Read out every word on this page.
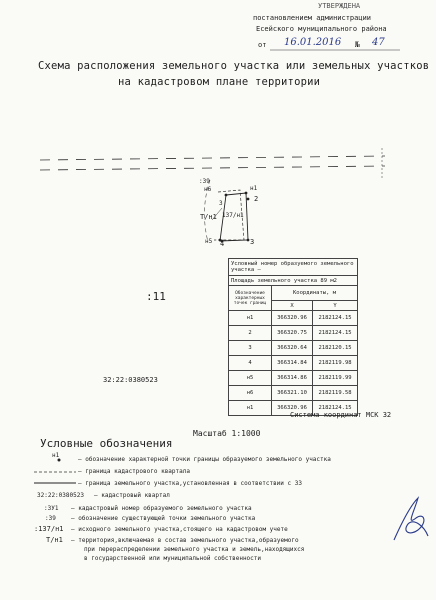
УТВЕРЖДЕНА
постановлением администрации
Есейского муниципального района
от 16.01.2016 № 47
Схема расположения земельного участка или земельных участков
на кадастровом плане территории
:39
н6	н1
2
3
137/н1
Т/н1
н5 4	3
:11
32:22:0380523
Условный номер образуемого земельного участка –		
Площадь земельного участка 89 м2		
Обозначение характерных точек границ	Координаты, м	
	X	Y
н1	366320.96	2182124.15
2	366320.75	2182124.15
3	366320.64	2182120.15
4	366314.84	2182119.98
н5	366314.86	2182119.99
н6	366321.10	2182119.58
н1	366320.96	2182124.15
Система координат МСК 32
Масштаб 1:1000
Условные обозначения
н1
– обозначение характерной точки границы образуемого земельного участка
– граница кадастрового квартала
– граница земельного участка,установленная в соответствии с ЗЗ
32:22:0380523 – кадастровый квартал
:ЗУ1 – кадастровый номер образуемого земельного участка
:39	– обозначение существующей точки земельного участка
:137/н1 – исходного земельного участка,стоящего на кадастровом учете
Т/н1 – территория,включаемая в состав земельного участка,образуемого
при перераспределении земельного участка и земель,находящихся
в государственной или муниципальной собственности
